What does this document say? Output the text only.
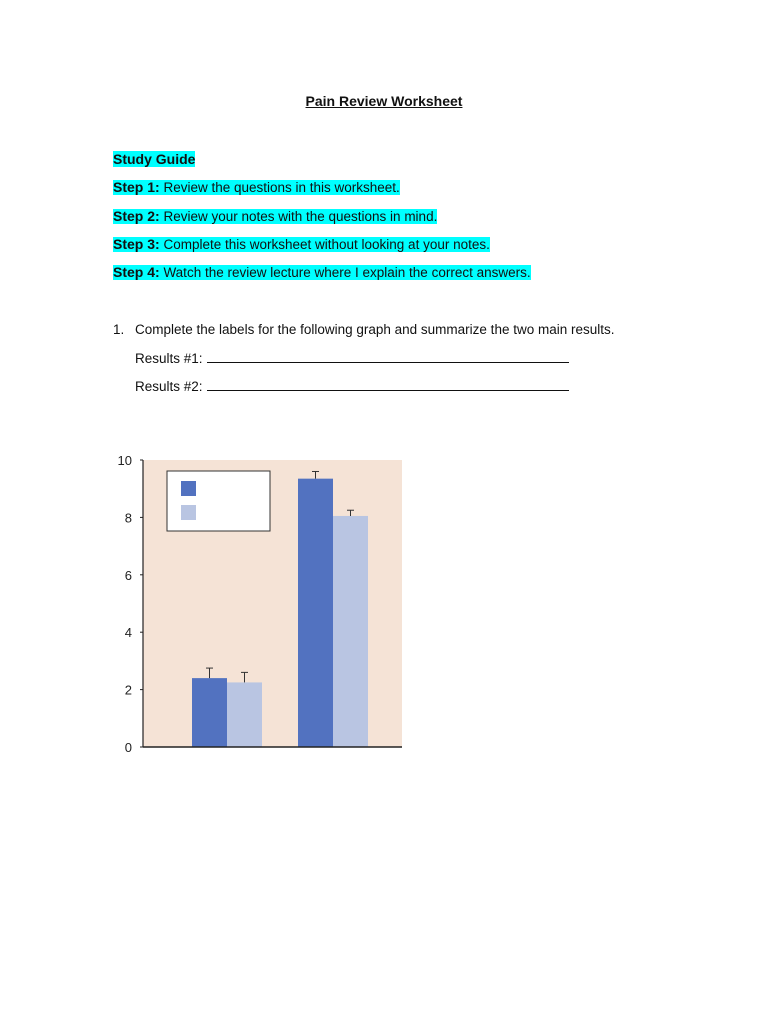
Pain Review Worksheet
Study Guide
Step 1: Review the questions in this worksheet.
Step 2: Review your notes with the questions in mind.
Step 3: Complete this worksheet without looking at your notes.
Step 4: Watch the review lecture where I explain the correct answers.
1. Complete the labels for the following graph and summarize the two main results.
Results #1:
Results #2:
0
2
4
6
8
10
